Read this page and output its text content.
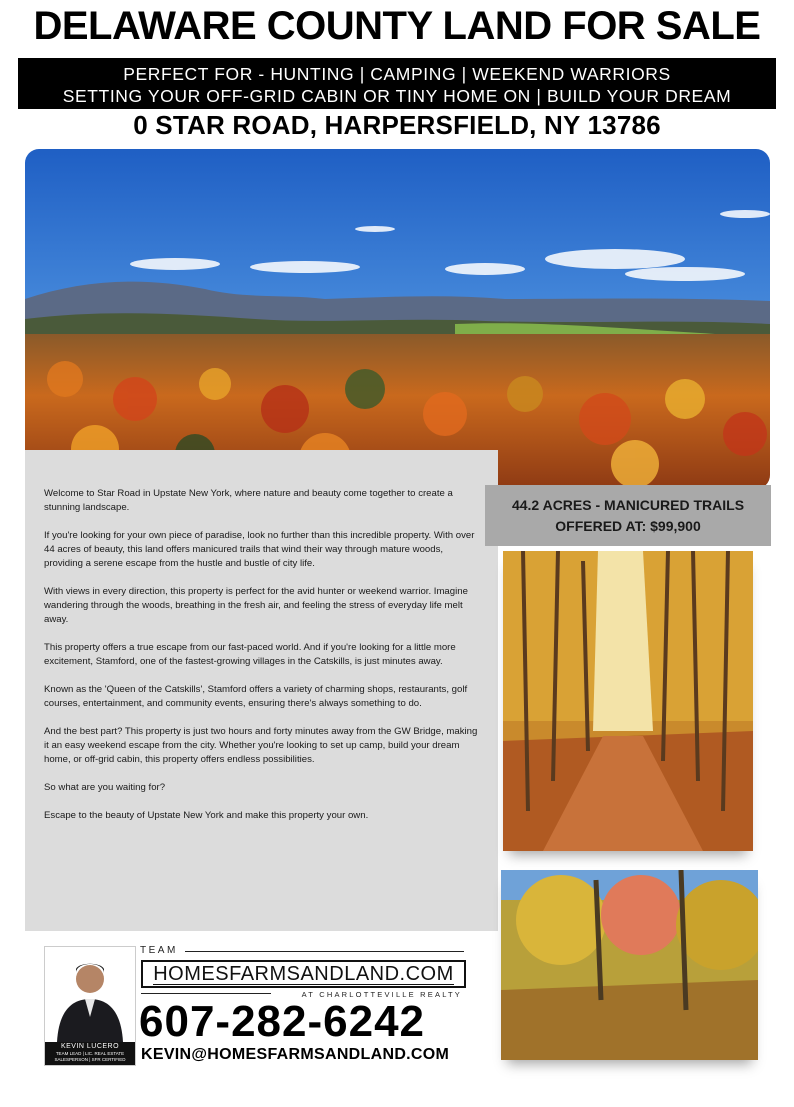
DELAWARE COUNTY LAND FOR SALE
PERFECT FOR - HUNTING | CAMPING | WEEKEND WARRIORS
SETTING YOUR OFF-GRID CABIN OR TINY HOME ON | BUILD YOUR DREAM
0 STAR ROAD, HARPERSFIELD, NY 13786

Welcome to Star Road in Upstate New York, where nature and beauty come together to create a stunning landscape.

If you're looking for your own piece of paradise, look no further than this incredible property. With over 44 acres of beauty, this land offers manicured trails that wind their way through mature woods, providing a serene escape from the hustle and bustle of city life.

With views in every direction, this property is perfect for the avid hunter or weekend warrior. Imagine wandering through the woods, breathing in the fresh air, and feeling the stress of everyday life melt away.

This property offers a true escape from our fast-paced world. And if you're looking for a little more excitement, Stamford, one of the fastest-growing villages in the Catskills, is just minutes away.

Known as the 'Queen of the Catskills', Stamford offers a variety of charming shops, restaurants, golf courses, entertainment, and community events, ensuring there's always something to do.

And the best part? This property is just two hours and forty minutes away from the GW Bridge, making it an easy weekend escape from the city. Whether you're looking to set up camp, build your dream home, or off-grid cabin, this property offers endless possibilities.

So what are you waiting for?

Escape to the beauty of Upstate New York and make this property your own.

44.2 ACRES - MANICURED TRAILS
OFFERED AT: $99,900
KEVIN LUCERO
TEAM LEAD | LIC. REAL ESTATE
SALESPERSON | SFR CERTIFIED
TEAM
HOMESFARMSANDLAND.COM
AT CHARLOTTEVILLE REALTY
607-282-6242
KEVIN@HOMESFARMSANDLAND.COM
